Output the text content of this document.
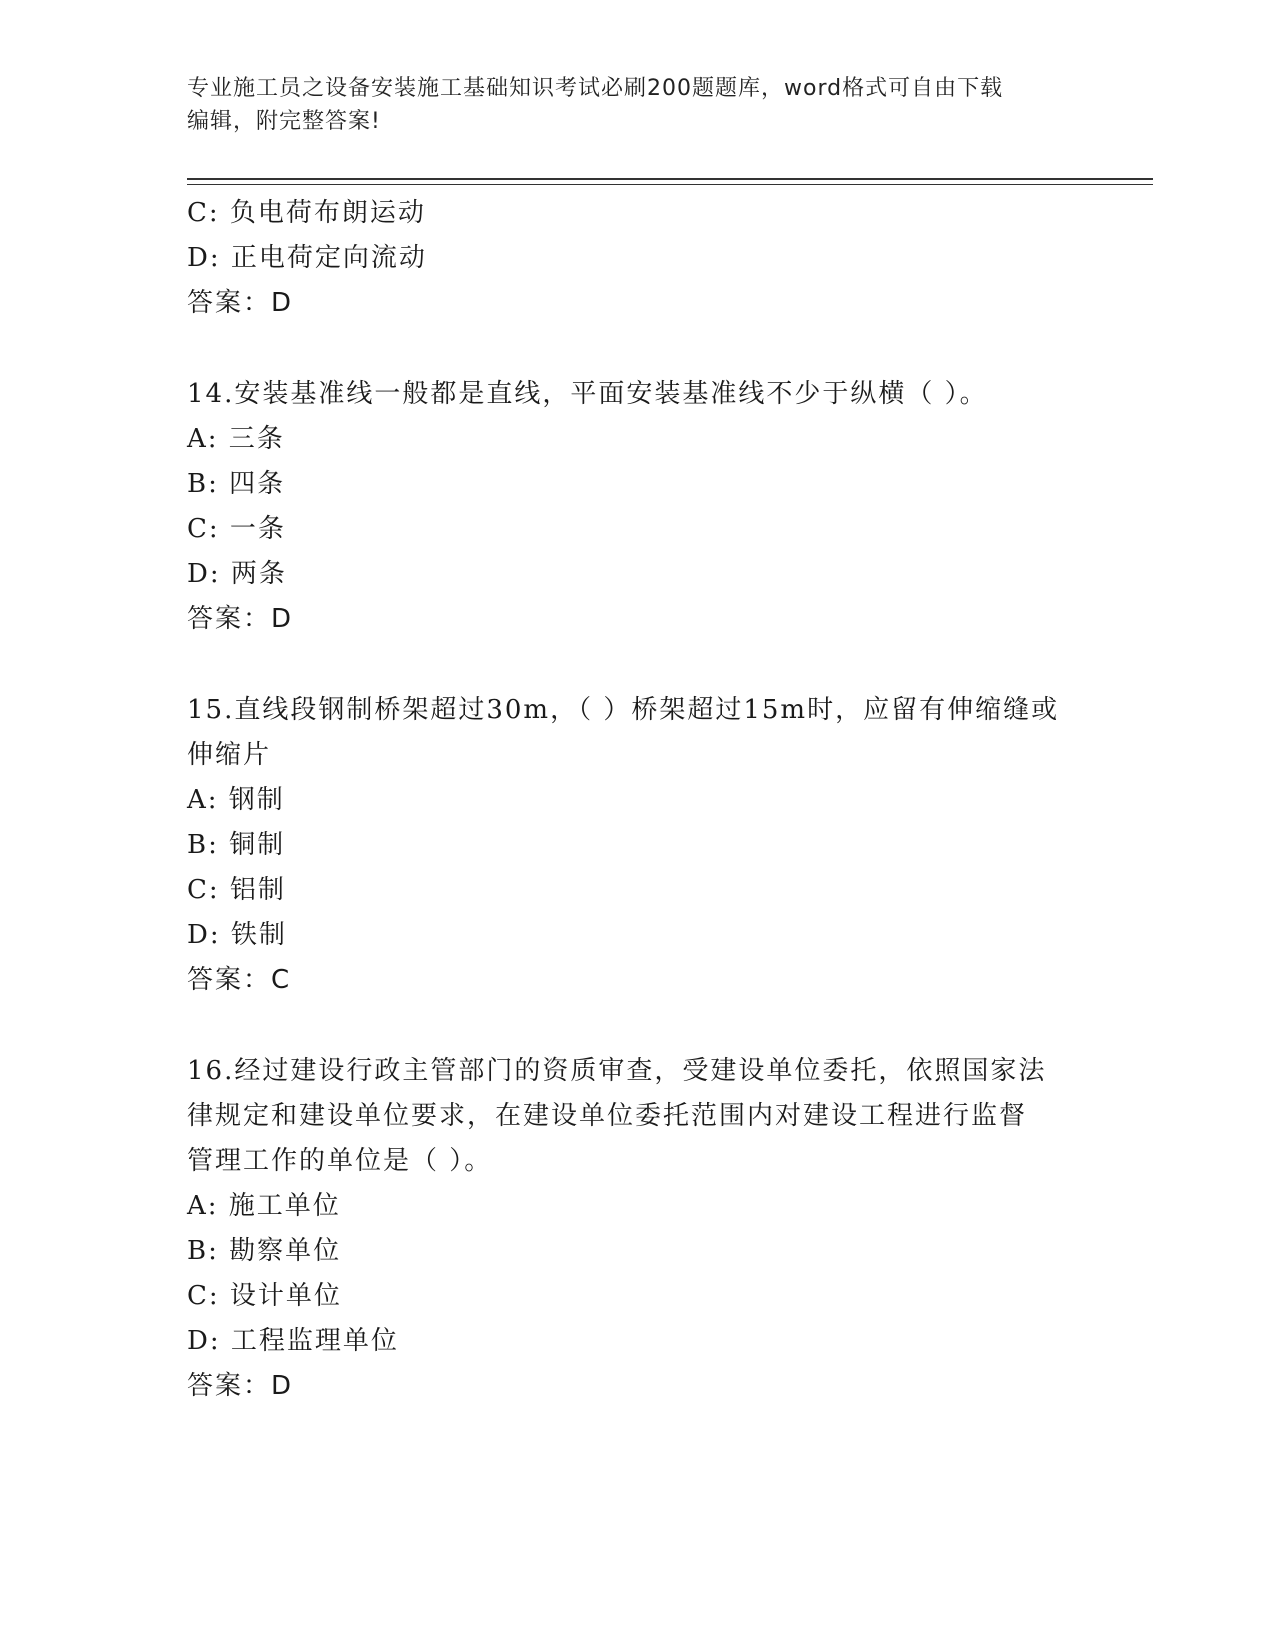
专业施工员之设备安装施工基础知识考试必刷200题题库，word格式可自由下载
编辑，附完整答案!
C: 负电荷布朗运动
D: 正电荷定向流动
答案：D
14.安装基准线一般都是直线，平面安装基准线不少于纵横（ ）。
A: 三条
B: 四条
C: 一条
D: 两条
答案：D
15.直线段钢制桥架超过30m，（ ）桥架超过15m时，应留有伸缩缝或
伸缩片
A: 钢制
B: 铜制
C: 铝制
D: 铁制
答案：C
16.经过建设行政主管部门的资质审查，受建设单位委托，依照国家法
律规定和建设单位要求，在建设单位委托范围内对建设工程进行监督
管理工作的单位是（ ）。
A: 施工单位
B: 勘察单位
C: 设计单位
D: 工程监理单位
答案：D
